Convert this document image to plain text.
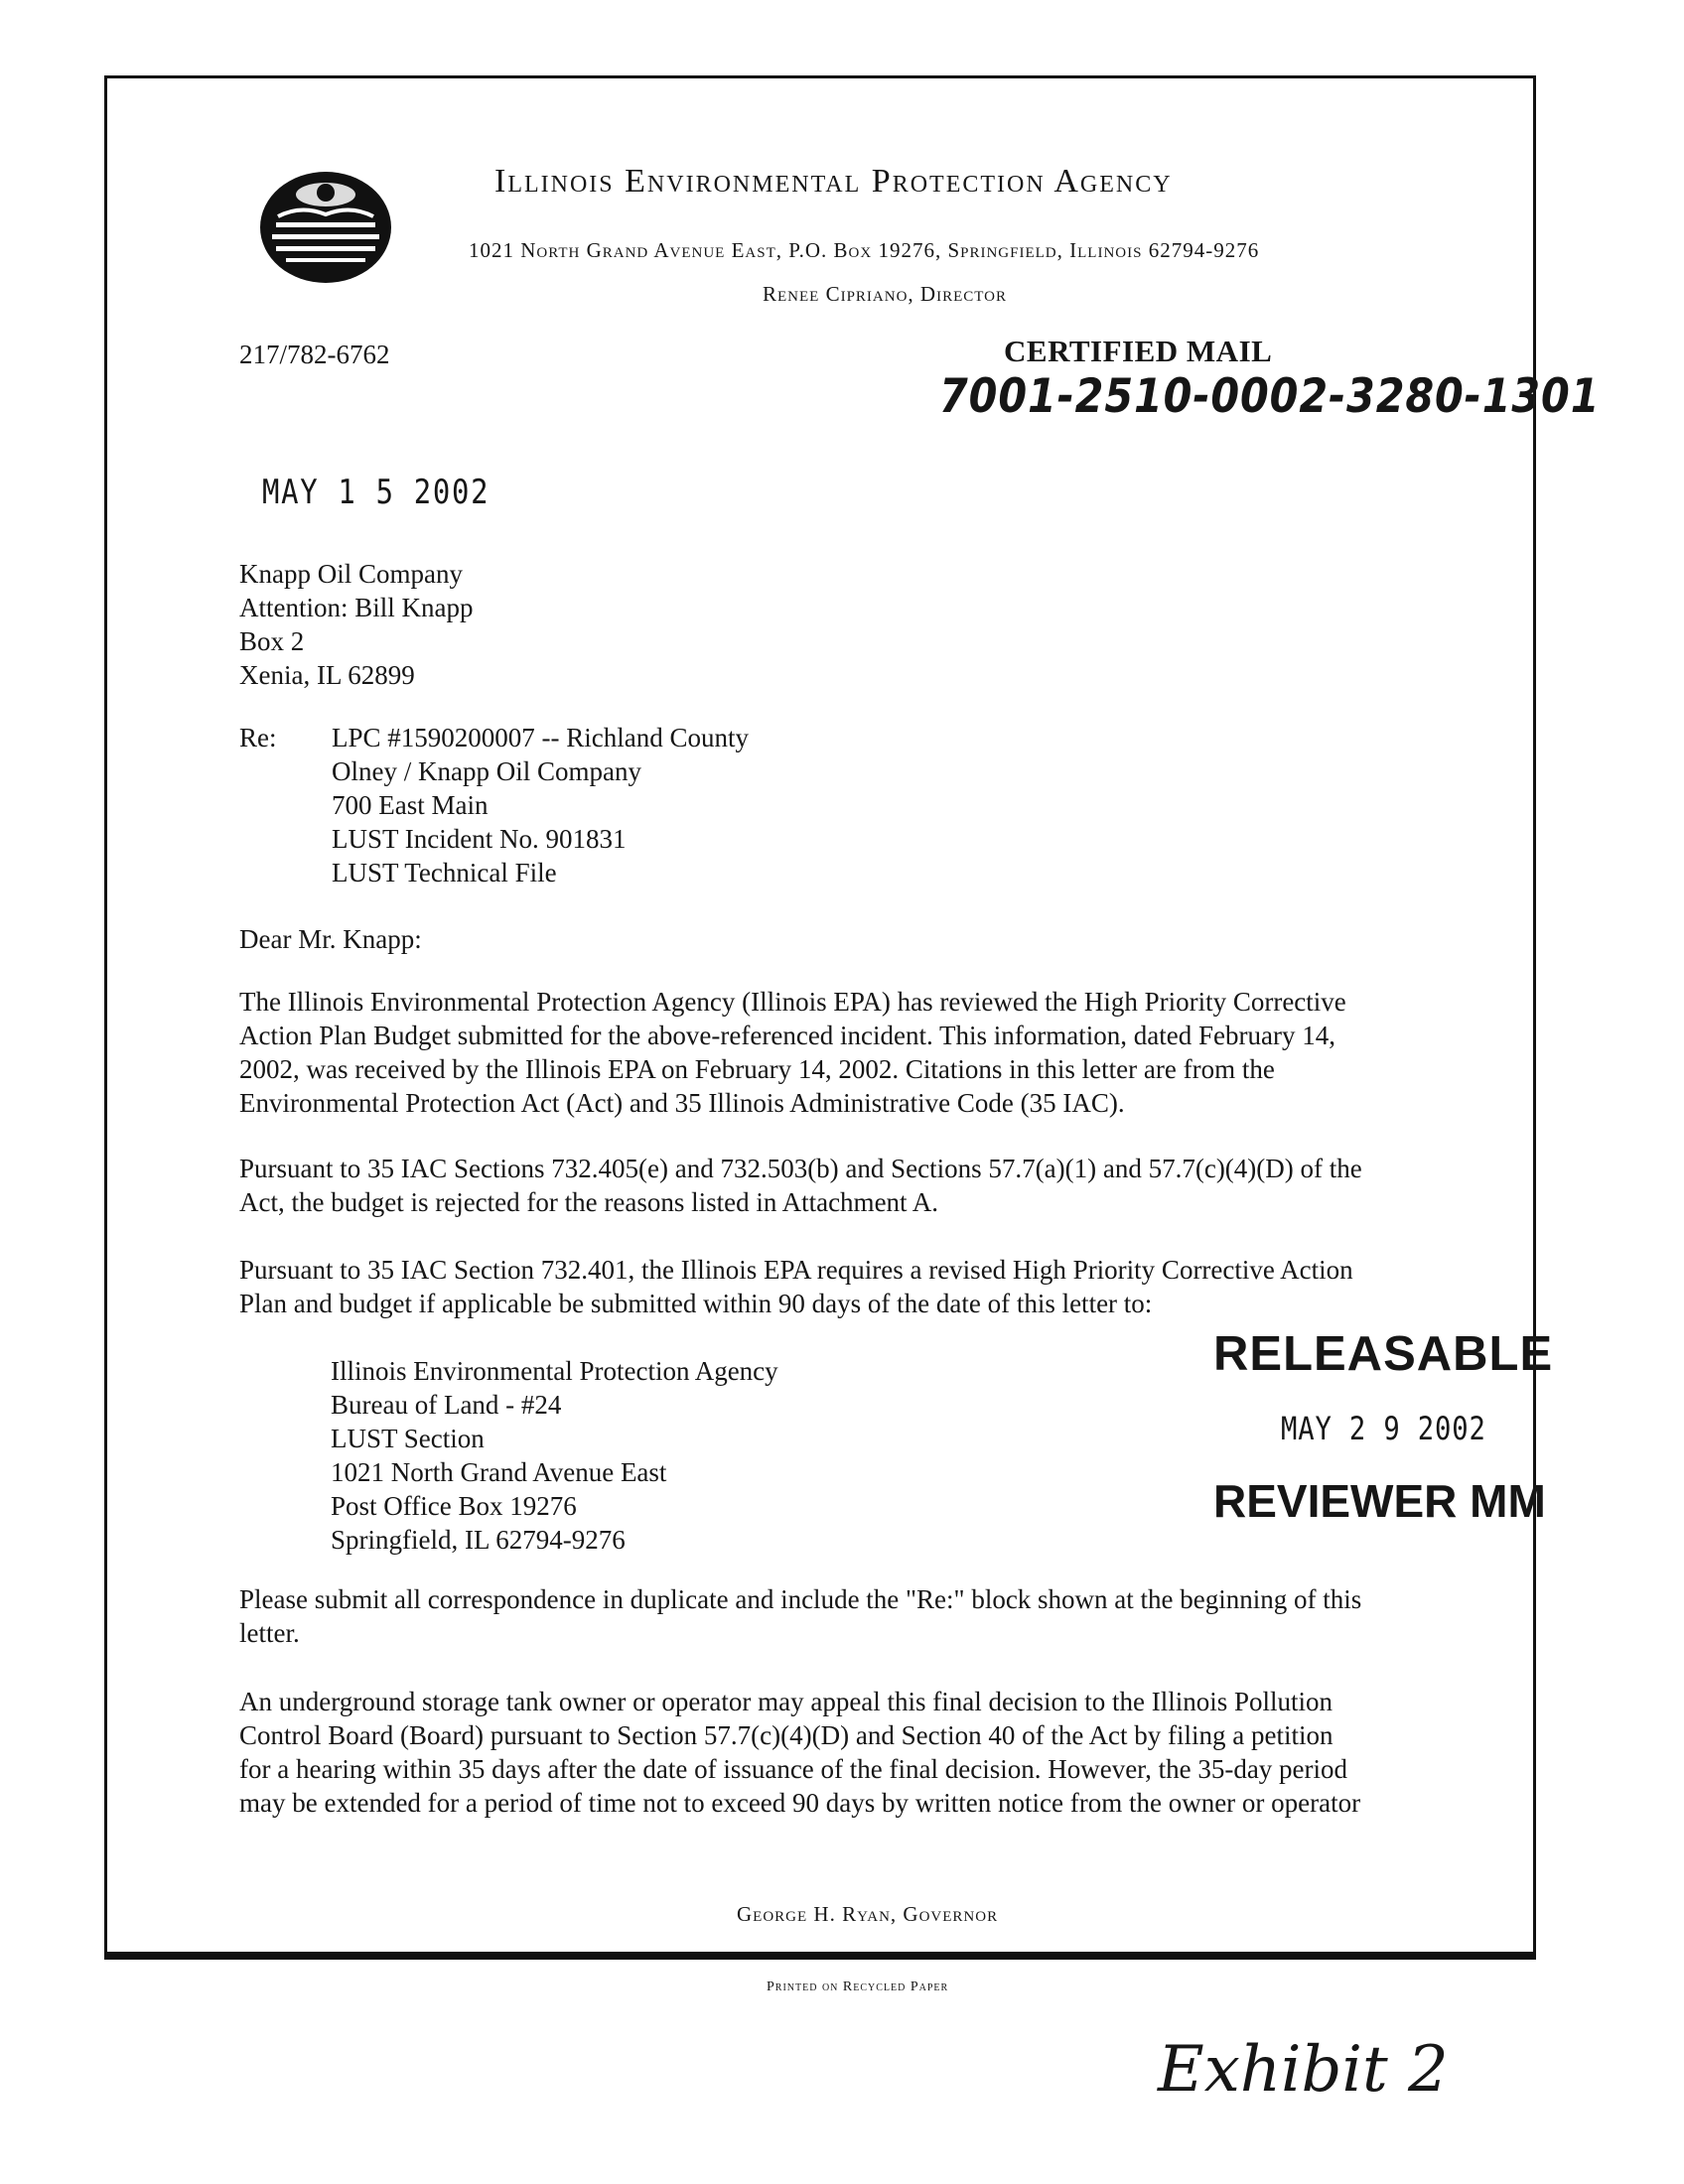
Illinois Environmental Protection Agency
1021 North Grand Avenue East, P.O. Box 19276, Springfield, Illinois 62794-9276
Renee Cipriano, Director
217/782-6762	CERTIFIED MAIL
7001-2510-0002-3280-1301
MAY 1 5 2002
Knapp Oil Company
Attention: Bill Knapp
Box 2
Xenia, IL 62899
Re: LPC #1590200007 -- Richland County
Olney / Knapp Oil Company
700 East Main
LUST Incident No. 901831
LUST Technical File
Dear Mr. Knapp:
The Illinois Environmental Protection Agency (Illinois EPA) has reviewed the High Priority Corrective
Action Plan Budget submitted for the above-referenced incident. This information, dated February 14,
2002, was received by the Illinois EPA on February 14, 2002. Citations in this letter are from the
Environmental Protection Act (Act) and 35 Illinois Administrative Code (35 IAC).
Pursuant to 35 IAC Sections 732.405(e) and 732.503(b) and Sections 57.7(a)(1) and 57.7(c)(4)(D) of the
Act, the budget is rejected for the reasons listed in Attachment A.
Pursuant to 35 IAC Section 732.401, the Illinois EPA requires a revised High Priority Corrective Action
Plan and budget if applicable be submitted within 90 days of the date of this letter to:
Illinois Environmental Protection Agency
Bureau of Land - #24
LUST Section
1021 North Grand Avenue East
Post Office Box 19276
Springfield, IL 62794-9276
RELEASABLE
MAY 2 9 2002
REVIEWER MM
Please submit all correspondence in duplicate and include the "Re:" block shown at the beginning of this
letter.
An underground storage tank owner or operator may appeal this final decision to the Illinois Pollution
Control Board (Board) pursuant to Section 57.7(c)(4)(D) and Section 40 of the Act by filing a petition
for a hearing within 35 days after the date of issuance of the final decision. However, the 35-day period
may be extended for a period of time not to exceed 90 days by written notice from the owner or operator
George H. Ryan, Governor
Printed on Recycled Paper
Exhibit 2
